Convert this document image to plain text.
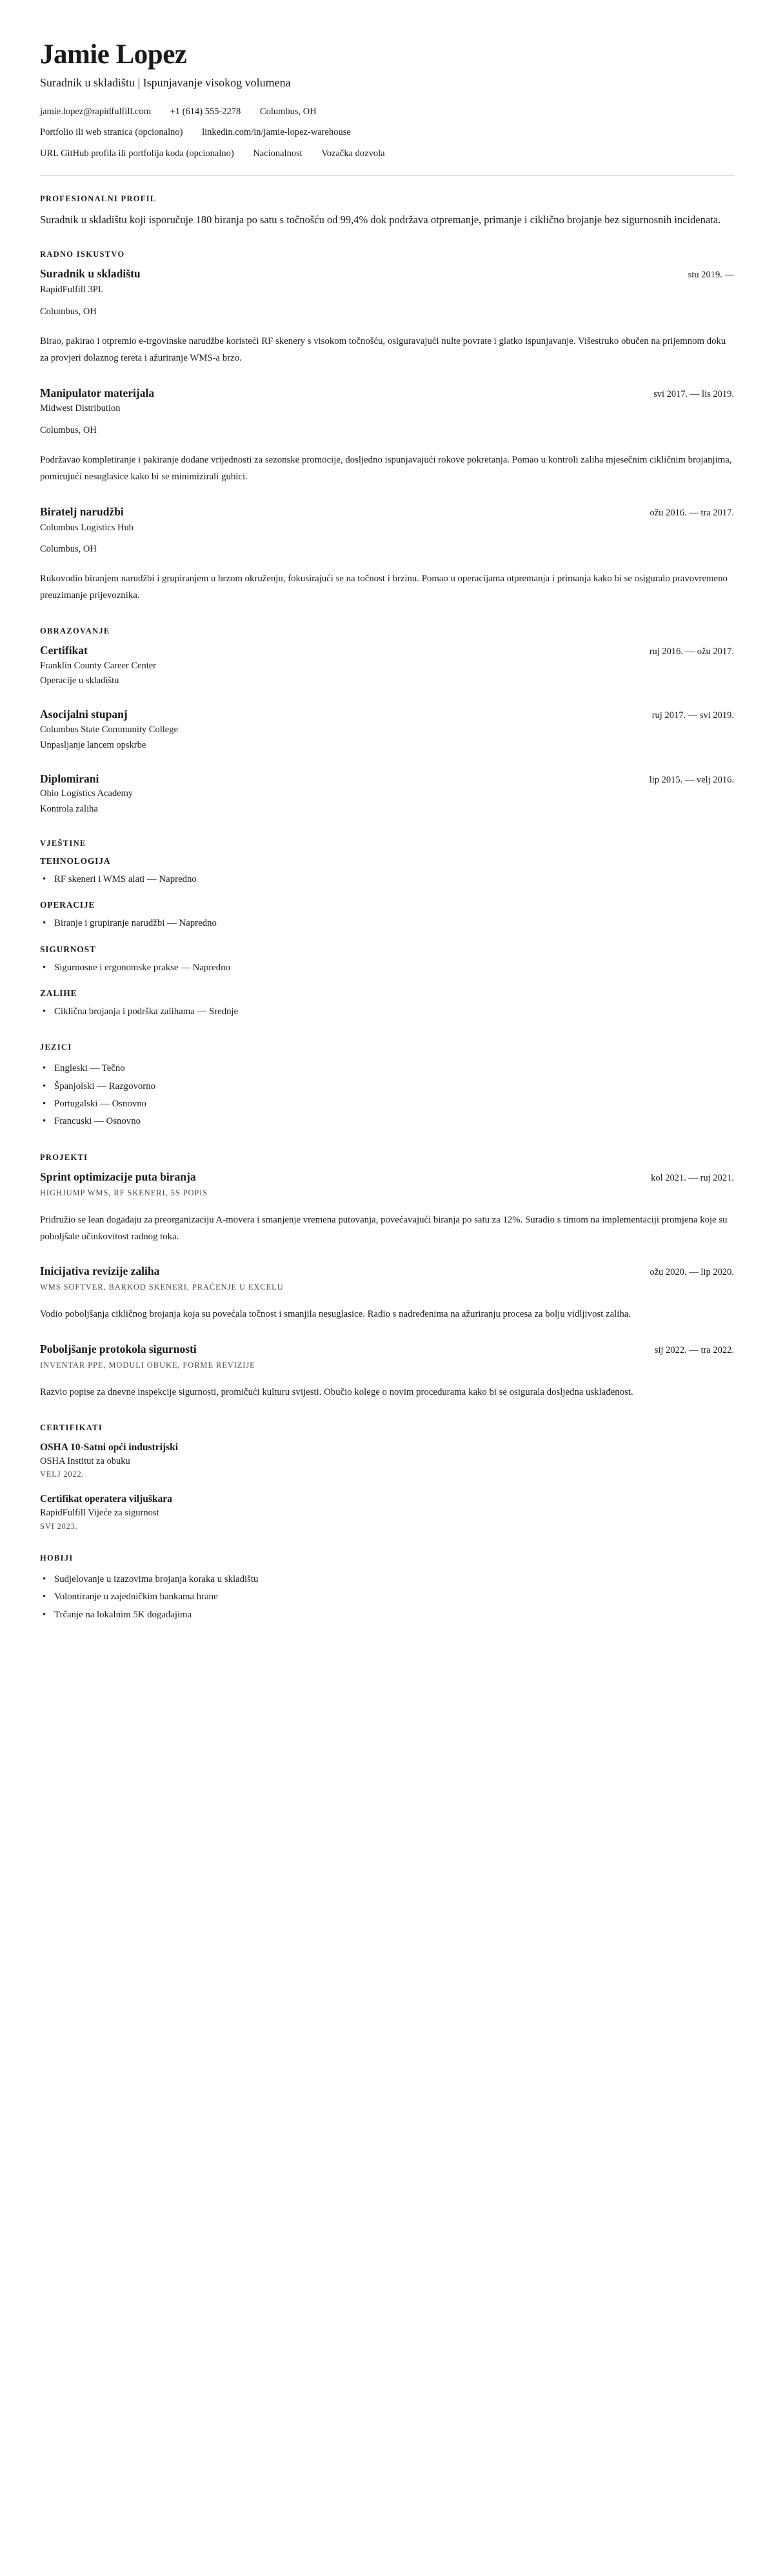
Jamie Lopez
Suradnik u skladištu | Ispunjavanje visokog volumena
jamie.lopez@rapidfulfill.com +1 (614) 555-2278 Columbus, OH
Portfolio ili web stranica (opcionalno) linkedin.com/in/jamie-lopez-warehouse
URL GitHub profila ili portfolija koda (opcionalno) Nacionalnost Vozačka dozvola
PROFESIONALNI PROFIL

Suradnik u skladištu koji isporučuje 180 biranja po satu s točnošću od 99,4% dok podržava otpremanje, primanje i ciklično brojanje bez sigurnosnih incidenata.

RADNO ISKUSTVO
Suradnik u skladištu	stu 2019. —
RapidFulfill 3PL
Columbus, OH
Birao, pakirao i otpremio e-trgovinske narudžbe koristeći RF skenery s visokom točnošću, osiguravajući nulte povrate i glatko ispunjavanje. Višestruko obučen na prijemnom doku za provjeri dolaznog tereta i ažuriranje WMS-a brzo.
Manipulator materijala	svi 2017. — lis 2019.
Midwest Distribution
Columbus, OH
Podržavao kompletiranje i pakiranje dodane vrijednosti za sezonske promocije, dosljedno ispunjavajući rokove pokretanja. Pomao u kontroli zaliha mjesečnim cikličnim brojanjima, pomirujući nesuglasice kako bi se minimizirali gubici.
Biratelj narudžbi	ožu 2016. — tra 2017.
Columbus Logistics Hub
Columbus, OH
Rukovodio biranjem narudžbi i grupiranjem u brzom okruženju, fokusirajući se na točnost i brzinu. Pomao u operacijama otpremanja i primanja kako bi se osiguralo pravovremeno preuzimanje prijevoznika.
OBRAZOVANJE
Certifikat	ruj 2016. — ožu 2017.
Franklin County Career Center
Operacije u skladištu
Asocijalni stupanj	ruj 2017. — svi 2019.
Columbus State Community College
Unpasljanje lancem opskrbe
Diplomirani	lip 2015. — velj 2016.
Ohio Logistics Academy
Kontrola zaliha
VJEŠTINE
TEHNOLOGIJA
• RF skeneri i WMS alati — Napredno
OPERACIJE
• Biranje i grupiranje narudžbi — Napredno
SIGURNOST
• Sigurnosne i ergonomske prakse — Napredno
ZALIHE
• Ciklična brojanja i podrška zalihama — Srednje
JEZICI
• Engleski — Tečno
• Španjolski — Razgovorno
• Portugalski — Osnovno
• Francuski — Osnovno
PROJEKTI
Sprint optimizacije puta biranja	kol 2021. — ruj 2021.
HIGHJUMP WMS, RF SKENERI, 5S POPIS
Pridružio se lean događaju za preorganizaciju A-movera i smanjenje vremena putovanja, povećavajući biranja po satu za 12%. Suradio s timom na implementaciji promjena koje su poboljšale učinkovitost radnog toka.
Inicijativa revizije zaliha	ožu 2020. — lip 2020.
WMS SOFTVER, BARKOD SKENERI, PRAĆENJE U EXCELU
Vodio poboljšanja cikličnog brojanja koja su povećala točnost i smanjila nesuglasice. Radio s nadređenima na ažuriranju procesa za bolju vidljivost zaliha.
Poboljšanje protokola sigurnosti	sij 2022. — tra 2022.
INVENTAR PPE, MODULI OBUKE, FORME REVIZIJE
Razvio popise za dnevne inspekcije sigurnosti, promičući kulturu svijesti. Obučio kolege o novim procedurama kako bi se osigurala dosljedna usklađenost.
CERTIFIKATI
OSHA 10-Satni opći industrijski
OSHA Institut za obuku
VELJ 2022.
Certifikat operatera viljuškara
RapidFulfill Vijeće za sigurnost
SVI 2023.
HOBIJI
• Sudjelovanje u izazovima brojanja koraka u skladištu
• Volontiranje u zajedničkim bankama hrane
• Trčanje na lokalnim 5K događajima
